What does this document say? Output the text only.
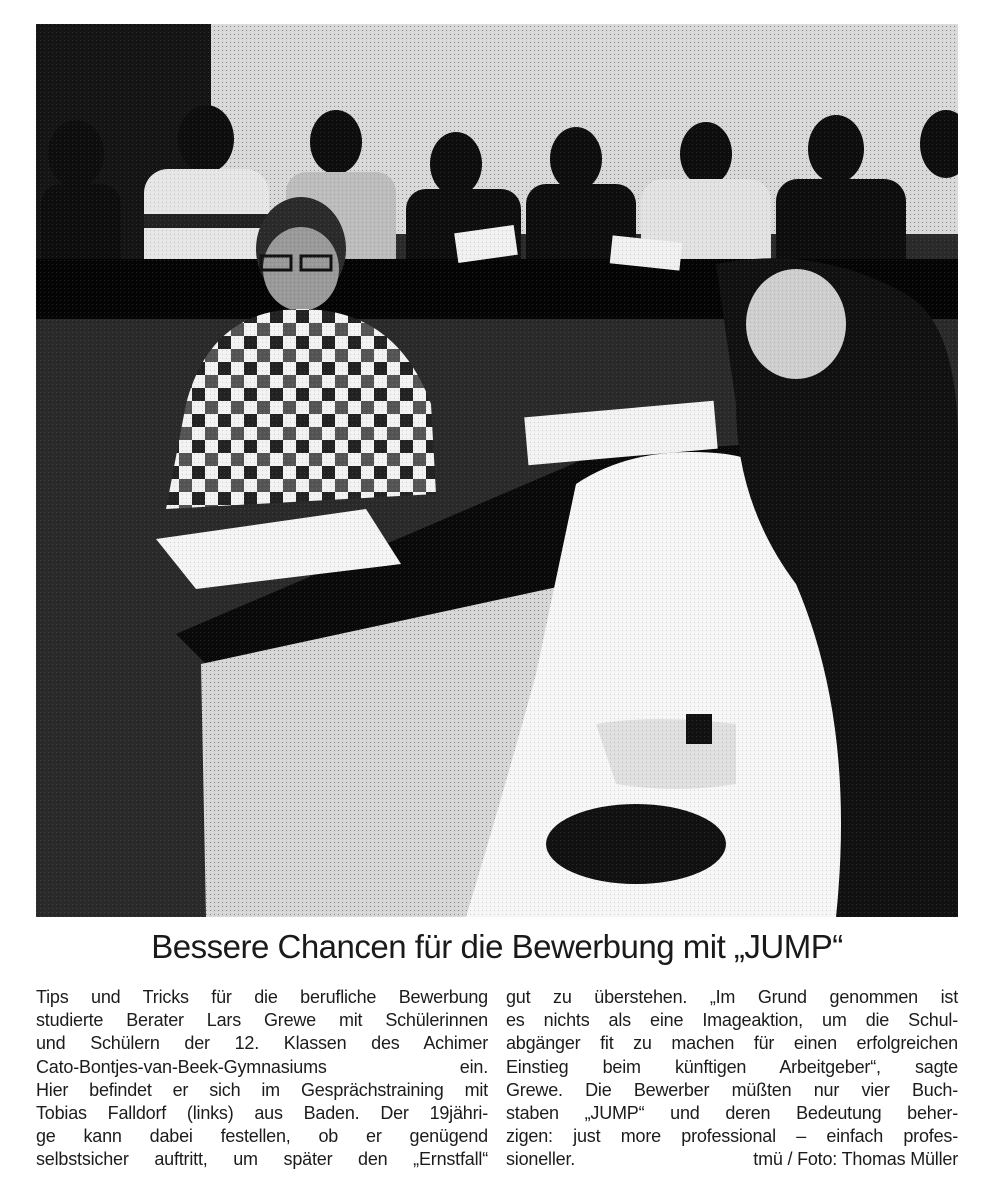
Bessere Chancen für die Bewerbung mit „JUMP“
Tips und Tricks für die berufliche Bewerbung
studierte Berater Lars Grewe mit Schülerinnen
und Schülern der 12. Klassen des Achimer
Cato-Bontjes-van-Beek-Gymnasiums ein.
Hier befindet er sich im Gesprächstraining mit
Tobias Falldorf (links) aus Baden. Der 19jähri-
ge kann dabei festellen, ob er genügend
selbstsicher auftritt, um später den „Ernstfall“
gut zu überstehen. „Im Grund genommen ist
es nichts als eine Imageaktion, um die Schul-
abgänger fit zu machen für einen erfolgreichen
Einstieg beim künftigen Arbeitgeber“, sagte
Grewe. Die Bewerber müßten nur vier Buch-
staben „JUMP“ und deren Bedeutung beher-
zigen: just more professional – einfach profes-
sioneller.	tmü / Foto: Thomas Müller
